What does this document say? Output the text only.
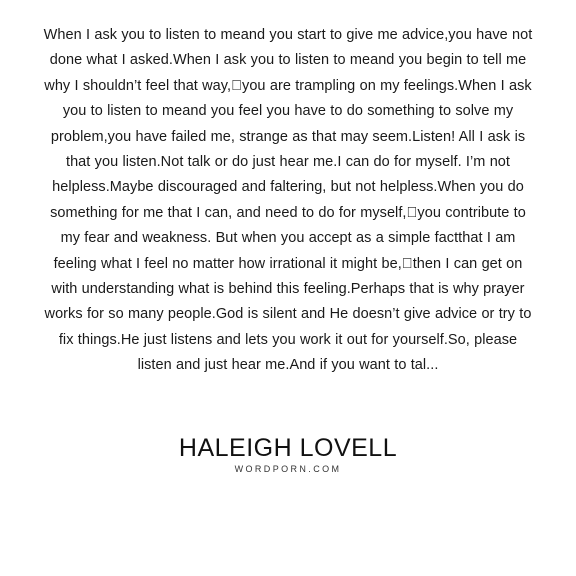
When I ask you to listen to meand you start to give me advice,you have not done what I asked.When I ask you to listen to meand you begin to tell me why I shouldn’t feel that way, you are trampling on my feelings.When I ask you to listen to meand you feel you have to do something to solve my problem,you have failed me, strange as that may seem.Listen! All I ask is that you listen.Not talk or do just hear me.I can do for myself. I’m not helpless.Maybe discouraged and faltering, but not helpless.When you do something for me that I can, and need to do for myself, you contribute to my fear and weakness. But when you accept as a simple factthat I am feeling what I feel no matter how irrational it might be, then I can get on with understanding what is behind this feeling.Perhaps that is why prayer works for so many people.God is silent and He doesn’t give advice or try to fix things.He just listens and lets you work it out for yourself.So, please listen and just hear me.And if you want to tal...

HALEIGH LOVELL
WORDPORN.COM
